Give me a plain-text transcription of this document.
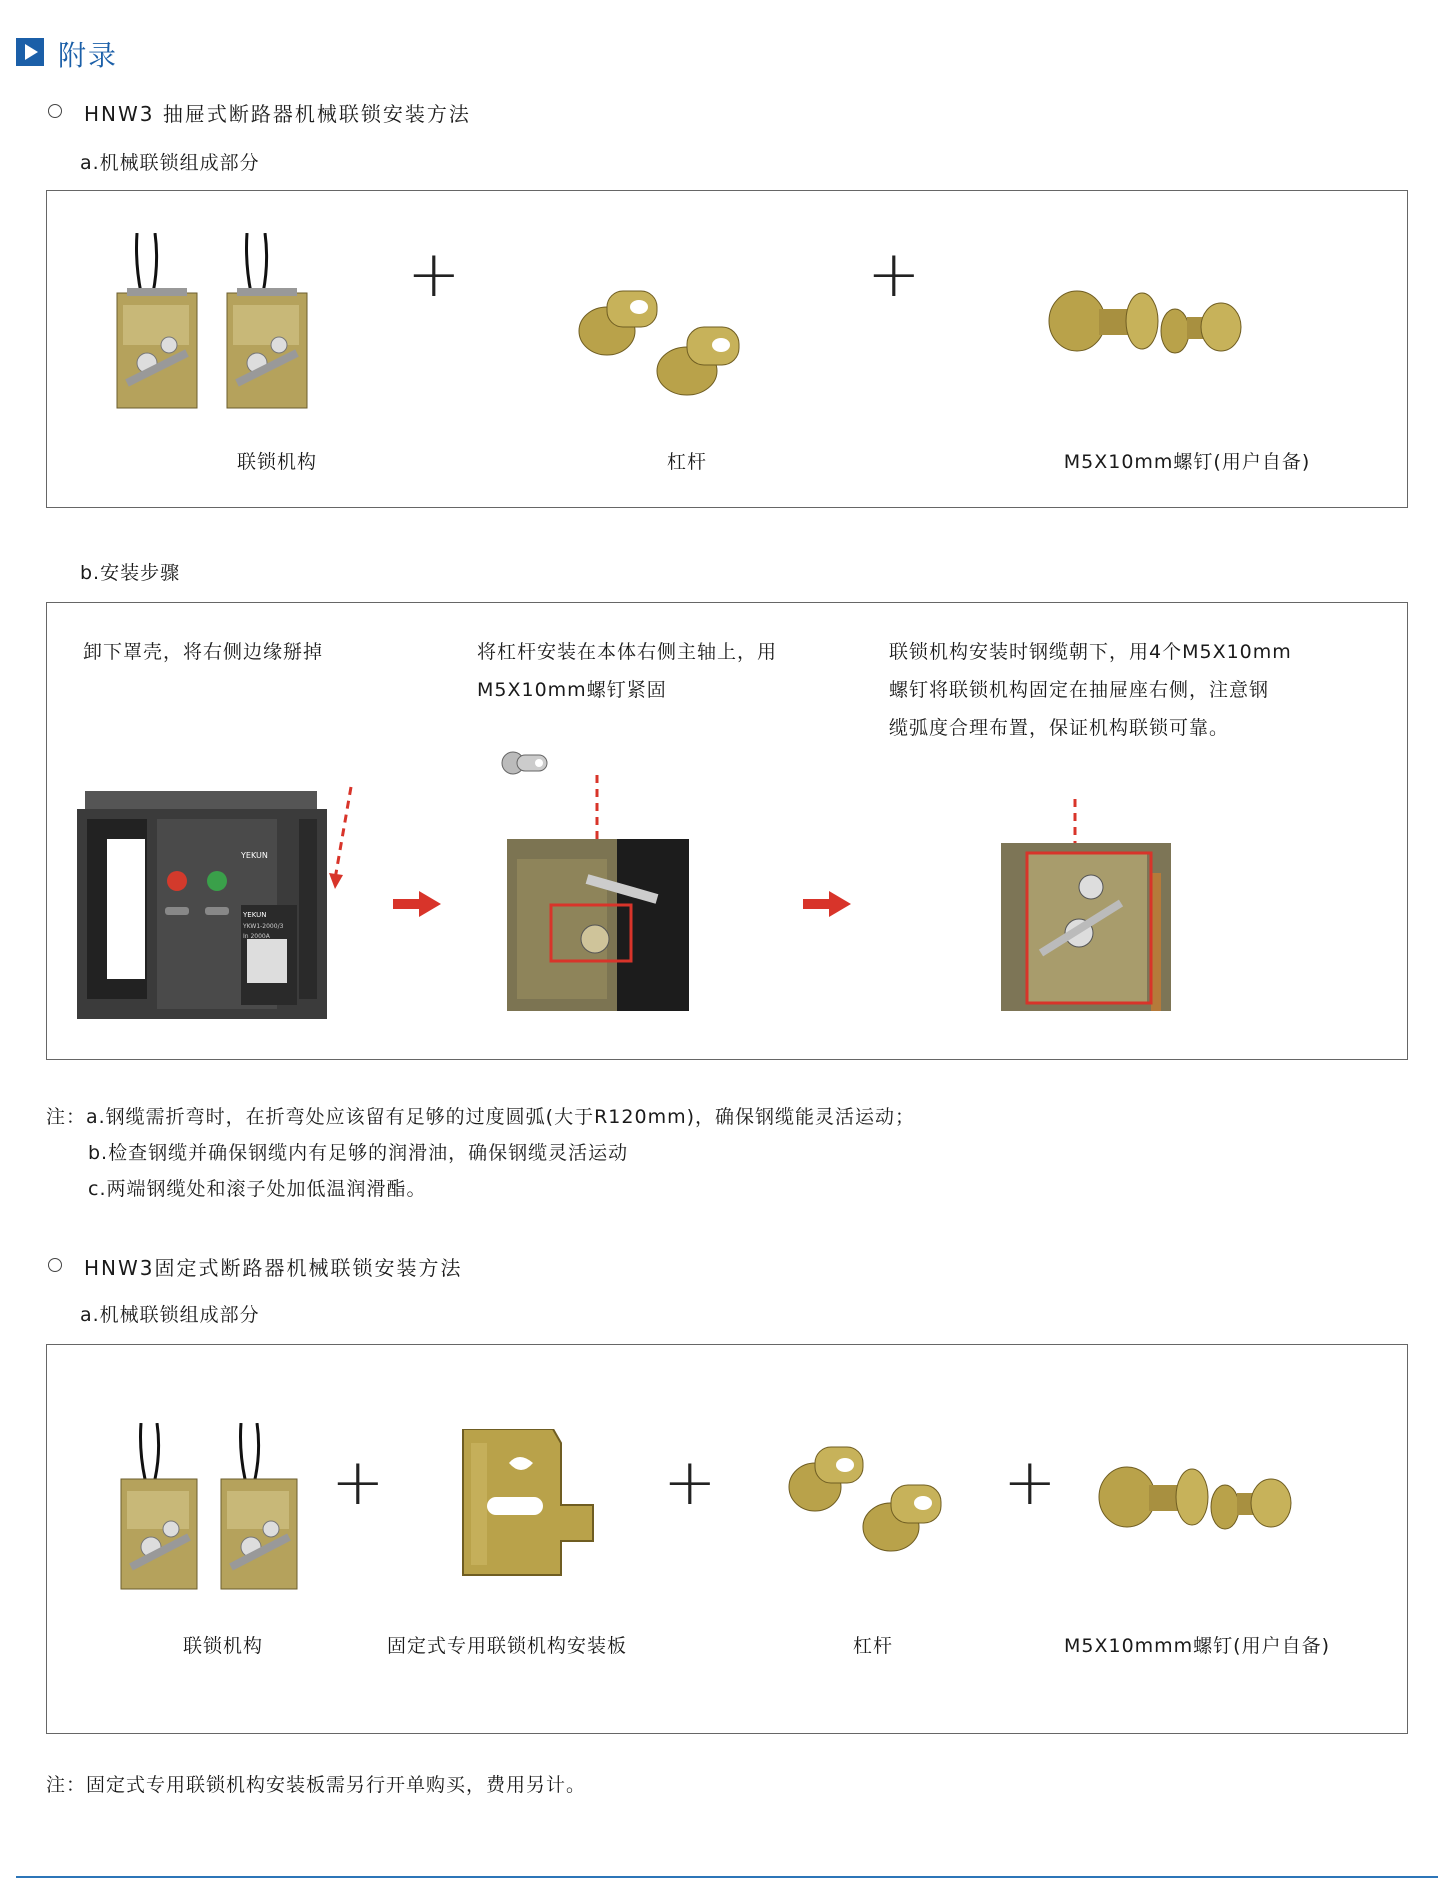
附录
HNW3 抽屉式断路器机械联锁安装方法
a.机械联锁组成部分
+	+
联锁机构	杠杆	M5X10mm螺钉(用户自备)
b.安装步骤
卸下罩壳，将右侧边缘掰掉	将杠杆安装在本体右侧主轴上，用
M5X10mm螺钉紧固
联锁机构安装时钢缆朝下，用4个M5X10mm
螺钉将联锁机构固定在抽屉座右侧，注意钢
缆弧度合理布置，保证机构联锁可靠。
YEKUN
YEKUN
YKW1-2000/3
In 2000A
注：a.钢缆需折弯时，在折弯处应该留有足够的过度圆弧(大于R120mm)，确保钢缆能灵活运动；
b.检查钢缆并确保钢缆内有足够的润滑油，确保钢缆灵活运动
c.两端钢缆处和滚子处加低温润滑酯。
HNW3固定式断路器机械联锁安装方法
a.机械联锁组成部分
+	+	+
联锁机构	固定式专用联锁机构安装板	杠杆	M5X10mmm螺钉(用户自备)
注：固定式专用联锁机构安装板需另行开单购买，费用另计。
